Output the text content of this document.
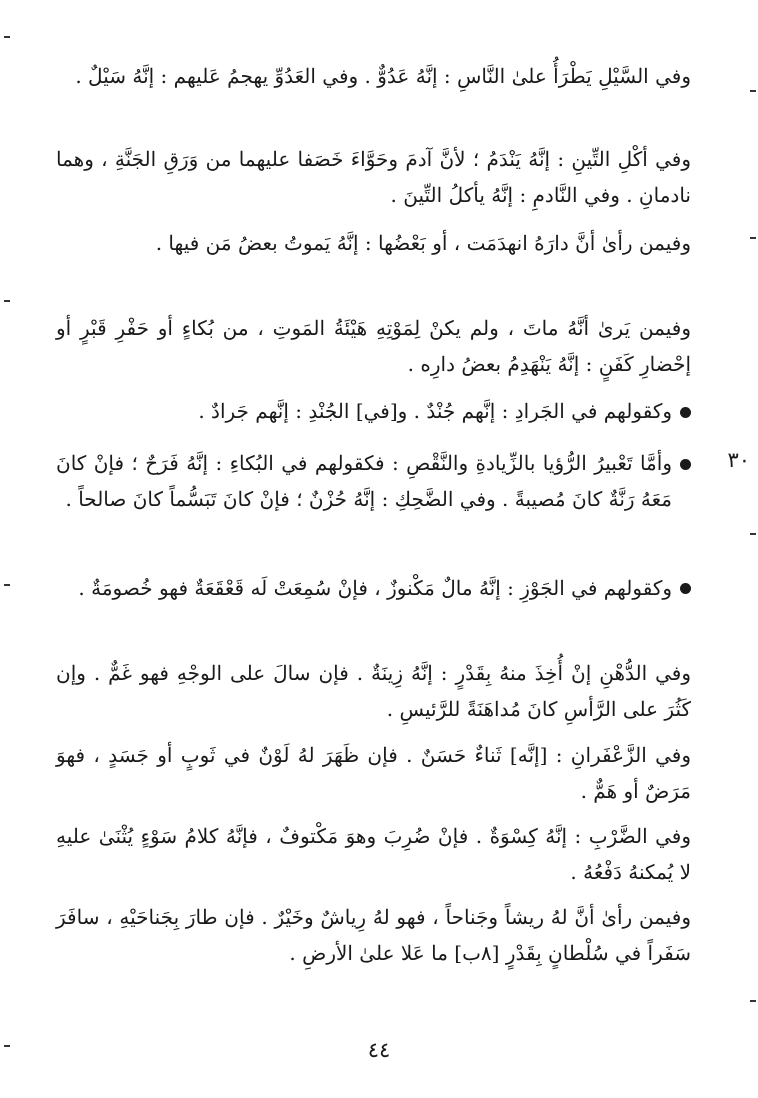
وفي السَّيْلِ يَطْرَأُ علىٰ النَّاسِ : إنَّهُ عَدُوٌّ . وفي العَدُوِّ يهجمُ عَليهم : إنَّهُ سَيْلٌ .
وفي أكْلِ التِّينِ : إنَّهُ يَنْدَمُ ؛ لأنَّ آدمَ وحَوَّاءَ خَصَفا عليهما من وَرَقِ الجَنَّةِ ، وهما نادمانِ . وفي النَّادمِ : إنَّهُ يأكلُ التِّينَ .
وفيمن رأىٰ أنَّ دارَهُ انهدَمَت ، أو بَعْضُها : إنَّهُ يَموتُ بعضُ مَن فيها .
وفيمن يَرىٰ أنَّهُ ماتَ ، ولم يكنْ لِمَوْتِهِ هَيْئَةُ المَوتِ ، من بُكاءٍ أو حَفْرِ قَبْرٍ أو إحْضارِ كَفَنٍ : إنَّهُ يَنْهَدِمُ بعضُ دارِه .
وكقولهم في الجَرادِ : إنَّهم جُنْدٌ . و[في] الجُنْدِ : إنَّهم جَرادٌ .
٣٠
وأمَّا تَعْبيرُ الرُّؤيا بالزِّيادةِ والنَّقْصِ : فكقولهم في البُكاءِ : إنَّهُ فَرَحٌ ؛ فإنْ كانَ مَعَهُ رَنَّةٌ كانَ مُصيبةً . وفي الضَّحِكِ : إنَّهُ حُزْنٌ ؛ فإنْ كانَ تَبَسُّماً كانَ صالحاً .
وكقولهم في الجَوْزِ : إنَّهُ مالٌ مَكْنوزٌ ، فإنْ سُمِعَتْ لَه قَعْقَعَةٌ فهو خُصومَةٌ .
وفي الدُّهْنِ إنْ أُخِذَ منهُ بِقَدْرٍ : إنَّهُ زِينَةٌ . فإن سالَ على الوجْهِ فهو غَمٌّ . وإن كَثُرَ على الرَّأسِ كانَ مُداهَنَةً للرَّئيسِ .
وفي الزَّعْفَرانِ : [إنَّه] ثَناءٌ حَسَنٌ . فإن ظَهَرَ لهُ لَوْنٌ في ثَوبٍ أو جَسَدٍ ، فهوَ مَرَضٌ أو هَمٌّ .
وفي الضَّرْبِ : إنَّهُ كِسْوَةٌ . فإنْ ضُرِبَ وهوَ مَكْتوفٌ ، فإنَّهُ كلامُ سَوْءٍ يُثْنَىٰ عليهِ لا يُمكنهُ دَفْعُهُ .
وفيمن رأىٰ أنَّ لهُ ريشاً وجَناحاً ، فهو لهُ رِياشٌ وخَيْرٌ . فإن طارَ بِجَناحَيْهِ ، سافَرَ سَفَراً في سُلْطانٍ بِقَدْرٍ [٨ب] ما عَلا علىٰ الأرضِ .
٤٤
